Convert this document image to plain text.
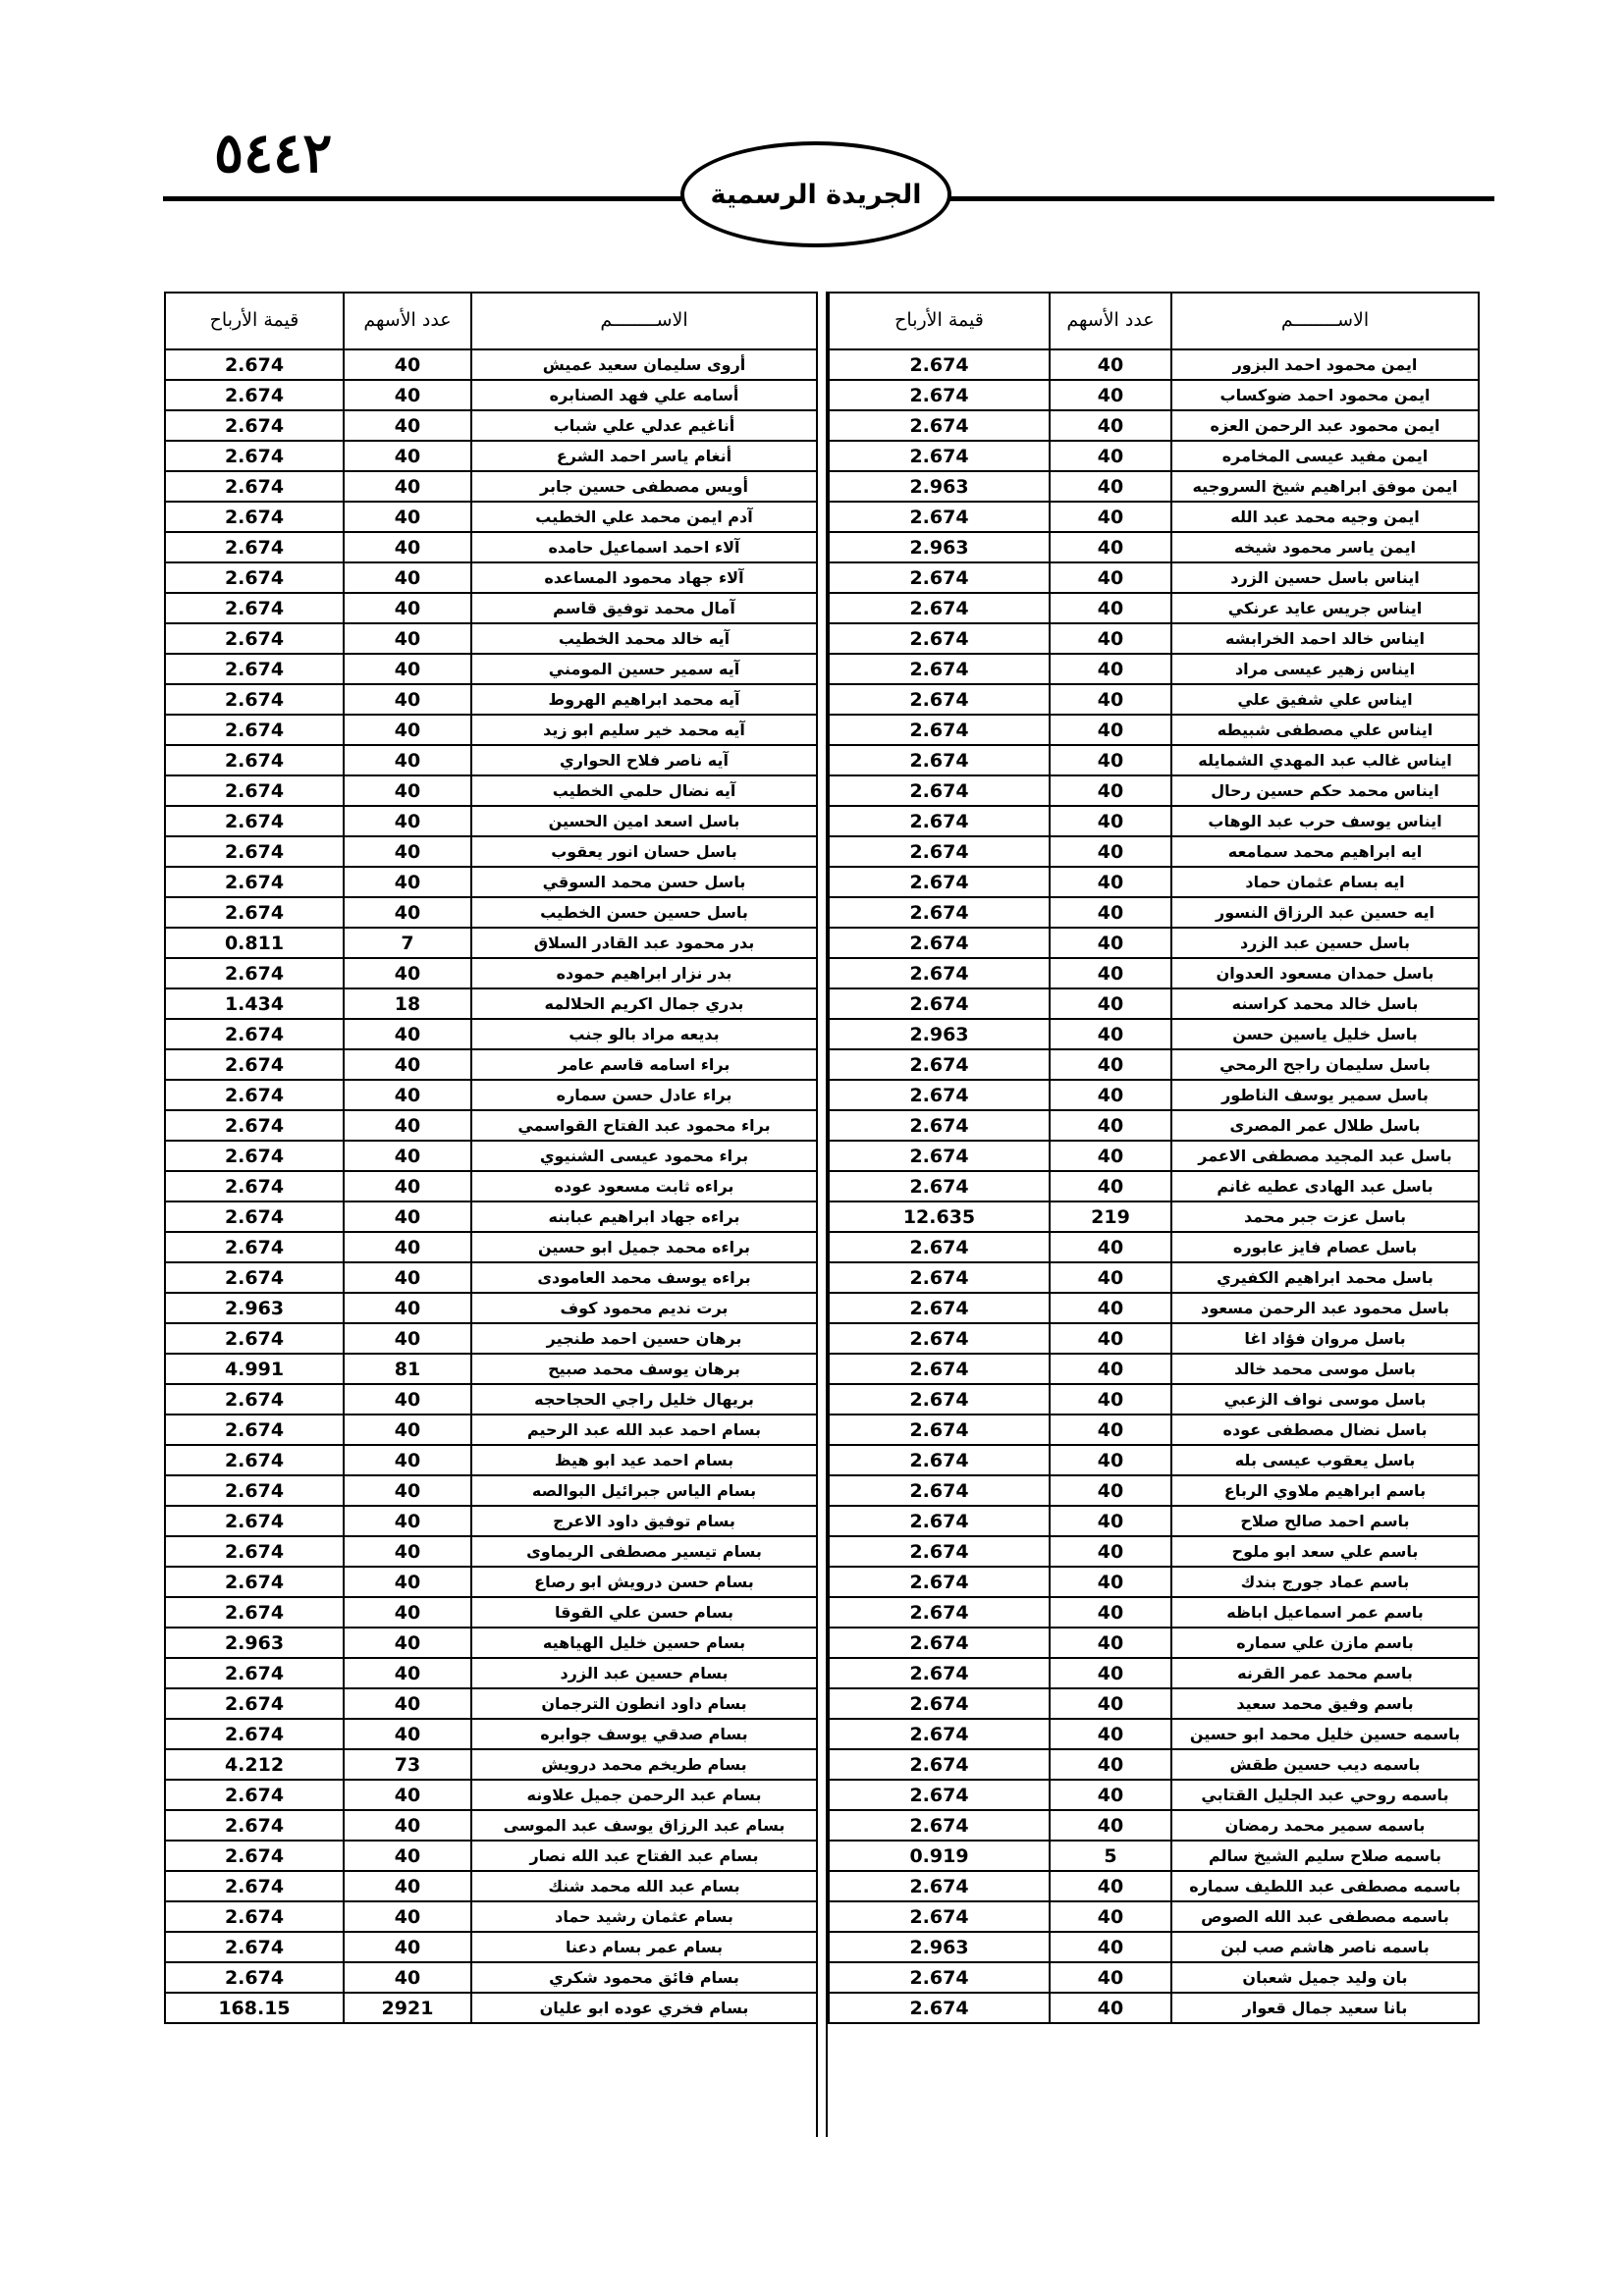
٥٤٤٢
الجريدة الرسمية
الاســــــــم	عدد الأسهم	قيمة الأرباح
ايمن محمود احمد البزور	40	2.674
ايمن محمود احمد ضوكساب	40	2.674
ايمن محمود عبد الرحمن العزه	40	2.674
ايمن مفيد عيسى المخامره	40	2.674
ايمن موفق ابراهيم شيخ السروجيه	40	2.963
ايمن وجيه محمد عبد الله	40	2.674
ايمن ياسر محمود شيخه	40	2.963
ايناس باسل حسين الزرد	40	2.674
ايناس جريس عايد عرنكي	40	2.674
ايناس خالد احمد الخرابشه	40	2.674
ايناس زهير عيسى مراد	40	2.674
ايناس علي شفيق علي	40	2.674
ايناس علي مصطفى شبيطه	40	2.674
ايناس غالب عبد المهدي الشمايله	40	2.674
ايناس محمد حكم حسين رحال	40	2.674
ايناس يوسف حرب عبد الوهاب	40	2.674
ايه ابراهيم محمد سمامعه	40	2.674
ايه بسام عثمان حماد	40	2.674
ايه حسين عبد الرزاق النسور	40	2.674
باسل حسين عبد الزرد	40	2.674
باسل حمدان مسعود العدوان	40	2.674
باسل خالد محمد كراسنه	40	2.674
باسل خليل ياسين حسن	40	2.963
باسل سليمان راجح الرمحي	40	2.674
باسل سمير يوسف الناطور	40	2.674
باسل طلال عمر المصرى	40	2.674
باسل عبد المجيد مصطفى الاعمر	40	2.674
باسل عبد الهادى عطيه غانم	40	2.674
باسل عزت جبر محمد	219	12.635
باسل عصام فايز عابوره	40	2.674
باسل محمد ابراهيم الكفيري	40	2.674
باسل محمود عبد الرحمن مسعود	40	2.674
باسل مروان فؤاد اغا	40	2.674
باسل موسى محمد خالد	40	2.674
باسل موسى نواف الزعبي	40	2.674
باسل نضال مصطفى عوده	40	2.674
باسل يعقوب عيسى بله	40	2.674
باسم ابراهيم ملاوي الرباع	40	2.674
باسم احمد صالح صلاح	40	2.674
باسم علي سعد ابو ملوح	40	2.674
باسم عماد جورج بندك	40	2.674
باسم عمر اسماعيل اباظه	40	2.674
باسم مازن علي سماره	40	2.674
باسم محمد عمر القرنه	40	2.674
باسم وفيق محمد سعيد	40	2.674
باسمه حسين خليل محمد ابو حسين	40	2.674
باسمه ديب حسين طقش	40	2.674
باسمه روحي عبد الجليل القتابي	40	2.674
باسمه سمير محمد رمضان	40	2.674
باسمه صلاح سليم الشيخ سالم	5	0.919
باسمه مصطفى عبد اللطيف سماره	40	2.674
باسمه مصطفى عبد الله الصوص	40	2.674
باسمه ناصر هاشم صب لبن	40	2.963
بان وليد جميل شعبان	40	2.674
بانا سعيد جمال قعوار	40	2.674
الاســــــــم	عدد الأسهم	قيمة الأرباح
أروى سليمان سعيد عميش	40	2.674
أسامه علي فهد الصنابره	40	2.674
أناغيم عدلي علي شباب	40	2.674
أنغام ياسر احمد الشرع	40	2.674
أويس مصطفى حسين جابر	40	2.674
آدم ايمن محمد علي الخطيب	40	2.674
آلاء احمد اسماعيل حامده	40	2.674
آلاء جهاد محمود المساعده	40	2.674
آمال محمد توفيق قاسم	40	2.674
آيه خالد محمد الخطيب	40	2.674
آيه سمير حسين المومني	40	2.674
آيه محمد ابراهيم الهروط	40	2.674
آيه محمد خير سليم ابو زيد	40	2.674
آيه ناصر فلاح الحواري	40	2.674
آيه نضال حلمي الخطيب	40	2.674
باسل اسعد امين الحسين	40	2.674
باسل حسان انور يعقوب	40	2.674
باسل حسن محمد السوقي	40	2.674
باسل حسين حسن الخطيب	40	2.674
بدر محمود عبد القادر السلاق	7	0.811
بدر نزار ابراهيم حموده	40	2.674
بدري جمال اكريم الحلالمه	18	1.434
بديعه مراد بالو جنب	40	2.674
براء اسامه قاسم عامر	40	2.674
براء عادل حسن سماره	40	2.674
براء محمود عبد الفتاح القواسمي	40	2.674
براء محمود عيسى الشنيوي	40	2.674
براءه ثابت مسعود عوده	40	2.674
براءه جهاد ابراهيم عبابنه	40	2.674
براءه محمد جميل ابو حسين	40	2.674
براءه يوسف محمد العامودى	40	2.674
برت نديم محمود كوف	40	2.963
برهان حسين احمد طنجير	40	2.674
برهان يوسف محمد صبيح	81	4.991
بريهال خليل راجي الحجاحجه	40	2.674
بسام احمد عبد الله عبد الرحيم	40	2.674
بسام احمد عيد ابو هيظ	40	2.674
بسام الياس جبرائيل البوالصه	40	2.674
بسام توفيق داود الاعرج	40	2.674
بسام تيسير مصطفى الريماوى	40	2.674
بسام حسن درويش ابو رصاع	40	2.674
بسام حسن علي القوقا	40	2.674
بسام حسين خليل الهياهيه	40	2.963
بسام حسين عبد الزرد	40	2.674
بسام داود انطون الترجمان	40	2.674
بسام صدقي يوسف جوابره	40	2.674
بسام طريخم محمد درويش	73	4.212
بسام عبد الرحمن جميل علاونه	40	2.674
بسام عبد الرزاق يوسف عبد الموسى	40	2.674
بسام عبد الفتاح عبد الله نصار	40	2.674
بسام عبد الله محمد شنك	40	2.674
بسام عثمان رشيد حماد	40	2.674
بسام عمر بسام دعنا	40	2.674
بسام فائق محمود شكري	40	2.674
بسام فخري عوده ابو عليان	2921	168.15
